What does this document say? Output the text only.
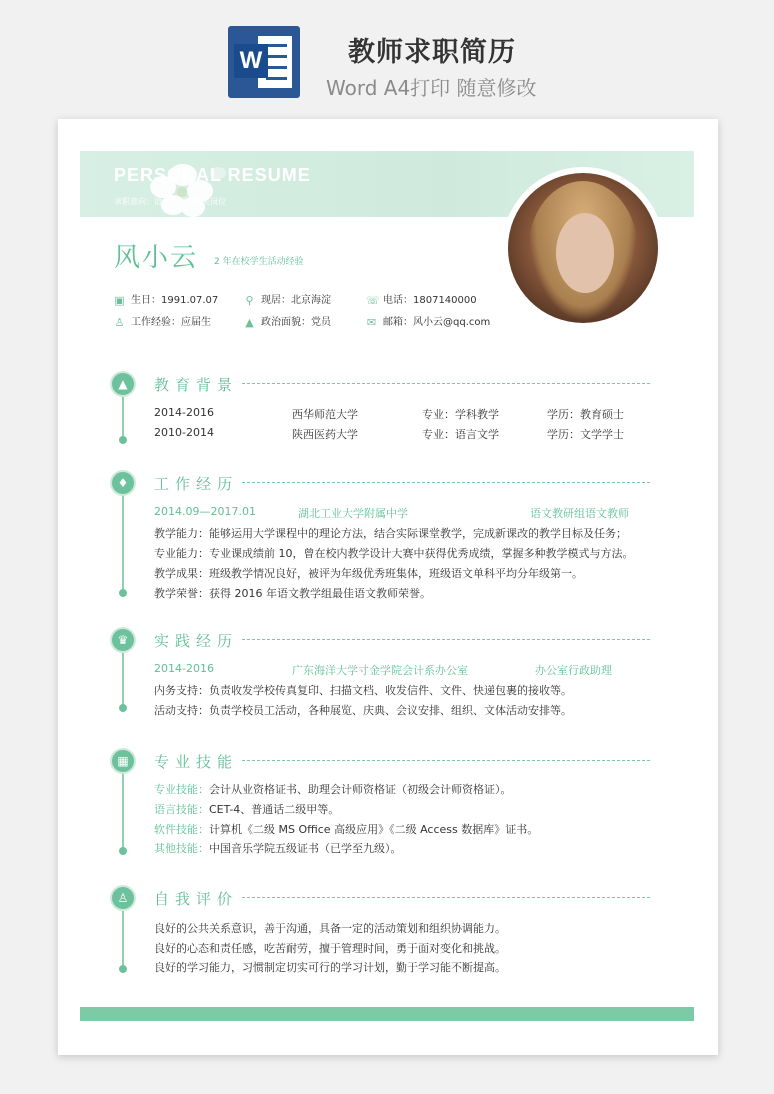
W	教师求职简历
Word A4打印 随意修改
PERSONAL RESUME
求职意向：语文教师及相关岗位
风小云 2 年在校学生活动经验
▣ 生日：1991.07.07 ⚲ 现居：北京海淀	☏ 电话：1807140000
♙ 工作经验：应届生	▲ 政治面貌：党员	✉ 邮箱：风小云@qq.com
▲	教育背景
2014-2016	西华师范大学	专业：学科教学	学历：教育硕士
2010-2014	陕西医药大学	专业：语言文学	学历：文学学士
♦	工作经历
2014.09—2017.01	湖北工业大学附属中学	语文教研组语文教师
教学能力：能够运用大学课程中的理论方法，结合实际课堂教学，完成新课改的教学目标及任务；
专业能力：专业课成绩前 10，曾在校内教学设计大赛中获得优秀成绩，掌握多种教学模式与方法。
教学成果：班级教学情况良好，被评为年级优秀班集体，班级语文单科平均分年级第一。
教学荣誉：获得 2016 年语文教学组最佳语文教师荣誉。
♛	实践经历
2014-2016	广东海洋大学寸金学院会计系办公室	办公室行政助理
内务支持：负责收发学校传真复印、扫描文档、收发信件、文件、快递包裹的接收等。
活动支持：负责学校员工活动，各种展览、庆典、会议安排、组织、文体活动安排等。
▦	专业技能
专业技能：会计从业资格证书、助理会计师资格证（初级会计师资格证）。
语言技能：CET-4、普通话二级甲等。
软件技能：计算机《二级 MS Office 高级应用》《二级 Access 数据库》证书。
其他技能：中国音乐学院五级证书（已学至九级）。
♙	自我评价
良好的公共关系意识，善于沟通，具备一定的活动策划和组织协调能力。
良好的心态和责任感，吃苦耐劳，擅于管理时间，勇于面对变化和挑战。
良好的学习能力，习惯制定切实可行的学习计划，勤于学习能不断提高。
